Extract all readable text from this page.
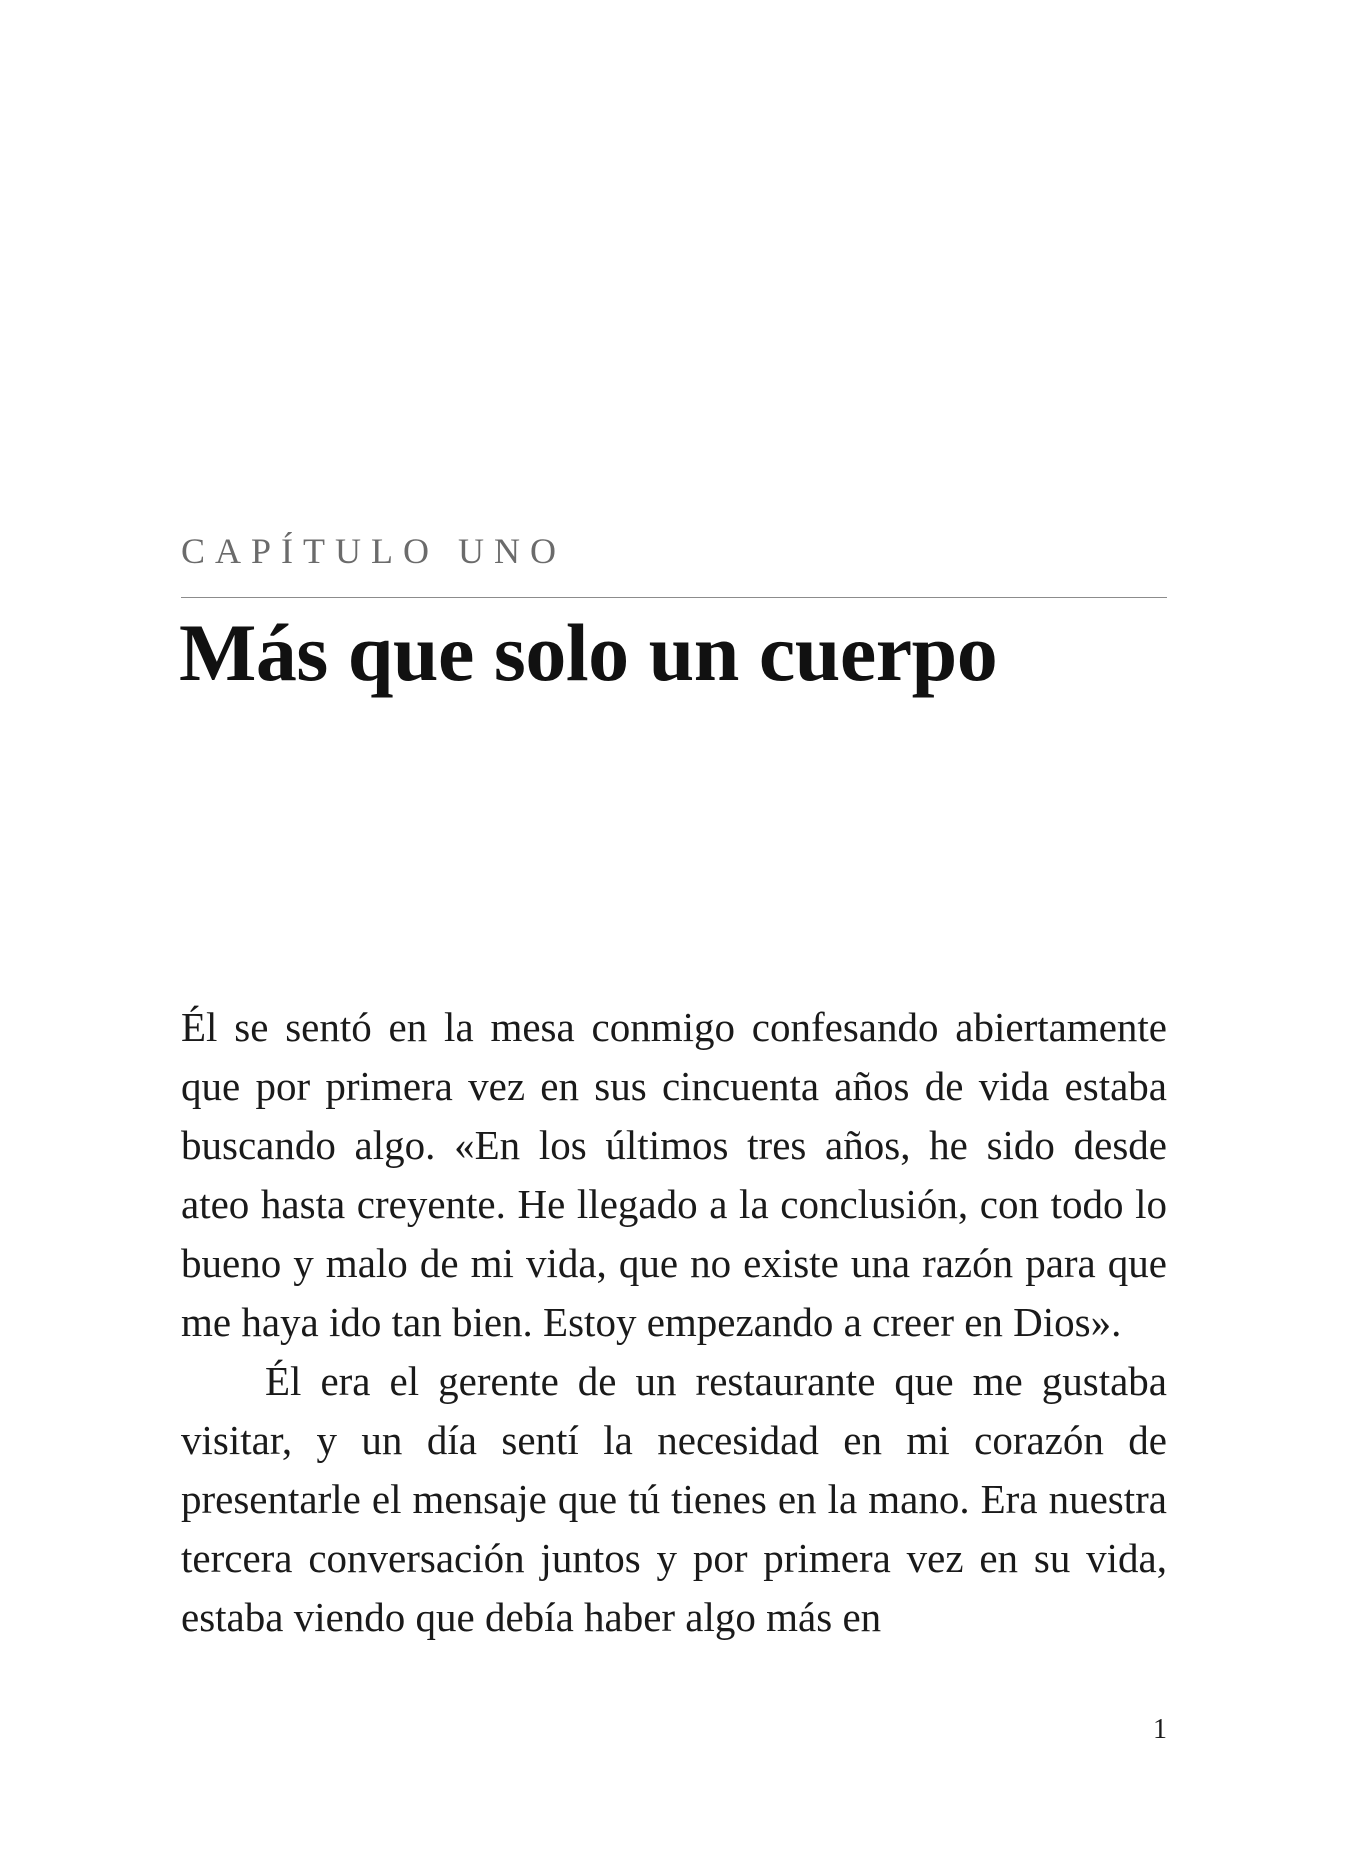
CAPÍTULO UNO
Más que solo un cuerpo

Él se sentó en la mesa conmigo confesando abiertamente que por primera vez en sus cincuenta años de vida estaba buscando algo. «En los últimos tres años, he sido desde ateo hasta creyente. He llegado a la conclusión, con todo lo bueno y malo de mi vida, que no existe una razón para que me haya ido tan bien. Estoy empezando a creer en Dios».

Él era el gerente de un restaurante que me gustaba visitar, y un día sentí la necesidad en mi corazón de presentarle el mensaje que tú tienes en la mano. Era nuestra tercera conversación juntos y por primera vez en su vida, estaba viendo que debía haber algo más en

1
